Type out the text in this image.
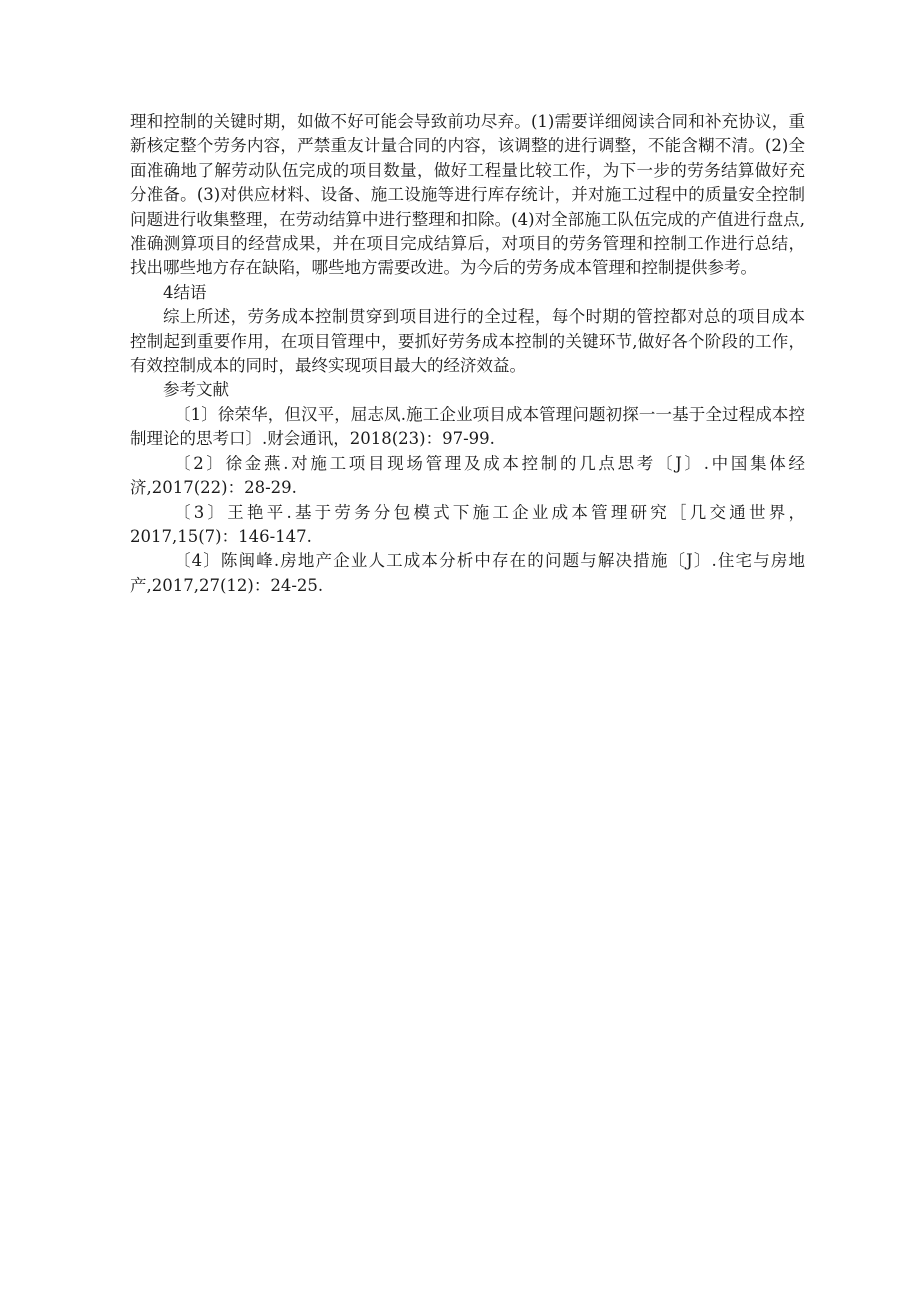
理和控制的关键时期，如做不好可能会导致前功尽弃。(1)需要详细阅读合同和补充协议，重新核定整个劳务内容，严禁重友计量合同的内容，该调整的进行调整，不能含糊不清。(2)全面准确地了解劳动队伍完成的项目数量，做好工程量比较工作，为下一步的劳务结算做好充分准备。(3)对供应材料、设备、施工设施等进行库存统计，并对施工过程中的质量安全控制问题进行收集整理，在劳动结算中进行整理和扣除。(4)对全部施工队伍完成的产值进行盘点,准确测算项目的经营成果，并在项目完成结算后，对项目的劳务管理和控制工作进行总结，找出哪些地方存在缺陷，哪些地方需要改进。为今后的劳务成本管理和控制提供参考。

4结语

综上所述，劳务成本控制贯穿到项目进行的全过程，每个时期的管控都对总的项目成本控制起到重要作用，在项目管理中，要抓好劳务成本控制的关键环节,做好各个阶段的工作，有效控制成本的同时，最终实现项目最大的经济效益。

参考文献

〔1〕徐荣华，但汉平，屈志凤.施工企业项目成本管理问题初探一一基于全过程成本控制理论的思考口〕.财会通讯，2018(23)：97-99.

〔2〕徐金燕.对施工项目现场管理及成本控制的几点思考〔J〕.中国集体经济,2017(22)：28-29.

〔3〕王艳平.基于劳务分包模式下施工企业成本管理研究［几交通世界，2017,15(7)：146-147.

〔4〕陈闽峰.房地产企业人工成本分析中存在的问题与解决措施〔J〕.住宅与房地产,2017,27(12)：24-25.
